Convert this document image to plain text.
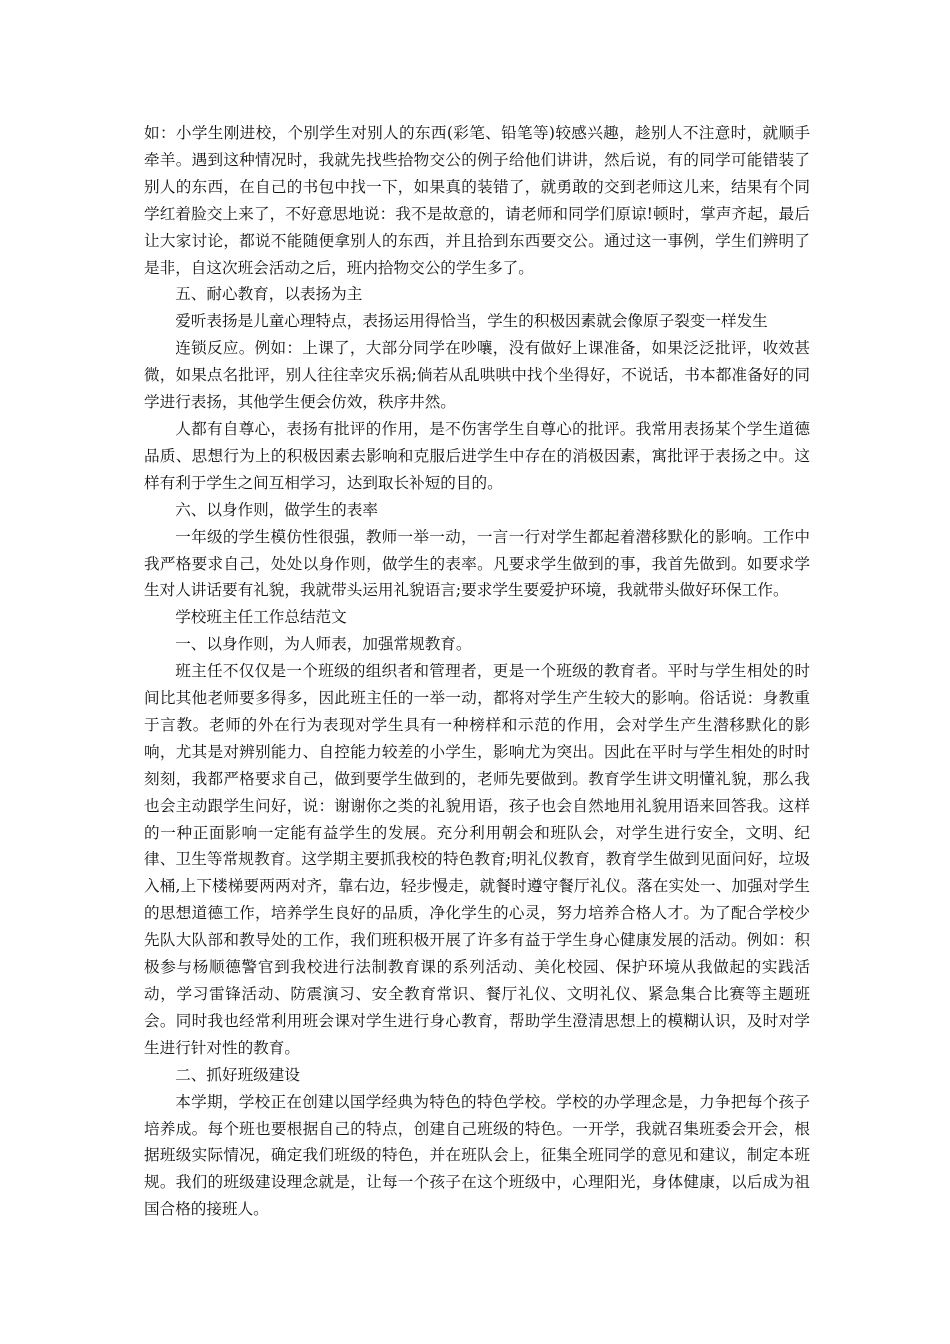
如：小学生刚进校，个别学生对别人的东西(彩笔、铅笔等)较感兴趣，趁别人不注意时，就顺手牵羊。遇到这种情况时，我就先找些拾物交公的例子给他们讲讲，然后说，有的同学可能错装了别人的东西，在自己的书包中找一下，如果真的装错了，就勇敢的交到老师这儿来，结果有个同学红着脸交上来了，不好意思地说：我不是故意的，请老师和同学们原谅!顿时，掌声齐起，最后让大家讨论，都说不能随便拿别人的东西，并且拾到东西要交公。通过这一事例，学生们辨明了是非，自这次班会活动之后，班内拾物交公的学生多了。

五、耐心教育，以表扬为主

爱听表扬是儿童心理特点，表扬运用得恰当，学生的积极因素就会像原子裂变一样发生

连锁反应。例如：上课了，大部分同学在吵嚷，没有做好上课准备，如果泛泛批评，收效甚微，如果点名批评，别人往往幸灾乐祸;倘若从乱哄哄中找个坐得好，不说话，书本都准备好的同学进行表扬，其他学生便会仿效，秩序井然。

人都有自尊心，表扬有批评的作用，是不伤害学生自尊心的批评。我常用表扬某个学生道德品质、思想行为上的积极因素去影响和克服后进学生中存在的消极因素，寓批评于表扬之中。这样有利于学生之间互相学习，达到取长补短的目的。

六、以身作则，做学生的表率

一年级的学生模仿性很强，教师一举一动，一言一行对学生都起着潜移默化的影响。工作中我严格要求自己，处处以身作则，做学生的表率。凡要求学生做到的事，我首先做到。如要求学生对人讲话要有礼貌，我就带头运用礼貌语言;要求学生要爱护环境，我就带头做好环保工作。

学校班主任工作总结范文

一、以身作则，为人师表，加强常规教育。

班主任不仅仅是一个班级的组织者和管理者，更是一个班级的教育者。平时与学生相处的时间比其他老师要多得多，因此班主任的一举一动，都将对学生产生较大的影响。俗话说：身教重于言教。老师的外在行为表现对学生具有一种榜样和示范的作用，会对学生产生潜移默化的影响，尤其是对辨别能力、自控能力较差的小学生，影响尤为突出。因此在平时与学生相处的时时刻刻，我都严格要求自己，做到要学生做到的，老师先要做到。教育学生讲文明懂礼貌，那么我也会主动跟学生问好，说：谢谢你之类的礼貌用语，孩子也会自然地用礼貌用语来回答我。这样的一种正面影响一定能有益学生的发展。充分利用朝会和班队会，对学生进行安全，文明、纪律、卫生等常规教育。这学期主要抓我校的特色教育;明礼仪教育，教育学生做到见面问好，垃圾入桶,上下楼梯要两两对齐，靠右边，轻步慢走，就餐时遵守餐厅礼仪。落在实处一、加强对学生的思想道德工作，培养学生良好的品质，净化学生的心灵，努力培养合格人才。为了配合学校少先队大队部和教导处的工作，我们班积极开展了许多有益于学生身心健康发展的活动。例如：积极参与杨顺德警官到我校进行法制教育课的系列活动、美化校园、保护环境从我做起的实践活动，学习雷锋活动、防震演习、安全教育常识、餐厅礼仪、文明礼仪、紧急集合比赛等主题班会。同时我也经常利用班会课对学生进行身心教育，帮助学生澄清思想上的模糊认识，及时对学生进行针对性的教育。

二、抓好班级建设

本学期，学校正在创建以国学经典为特色的特色学校。学校的办学理念是，力争把每个孩子培养成。每个班也要根据自己的特点，创建自己班级的特色。一开学，我就召集班委会开会，根据班级实际情况，确定我们班级的特色，并在班队会上，征集全班同学的意见和建议，制定本班规。我们的班级建设理念就是，让每一个孩子在这个班级中，心理阳光，身体健康，以后成为祖国合格的接班人。
